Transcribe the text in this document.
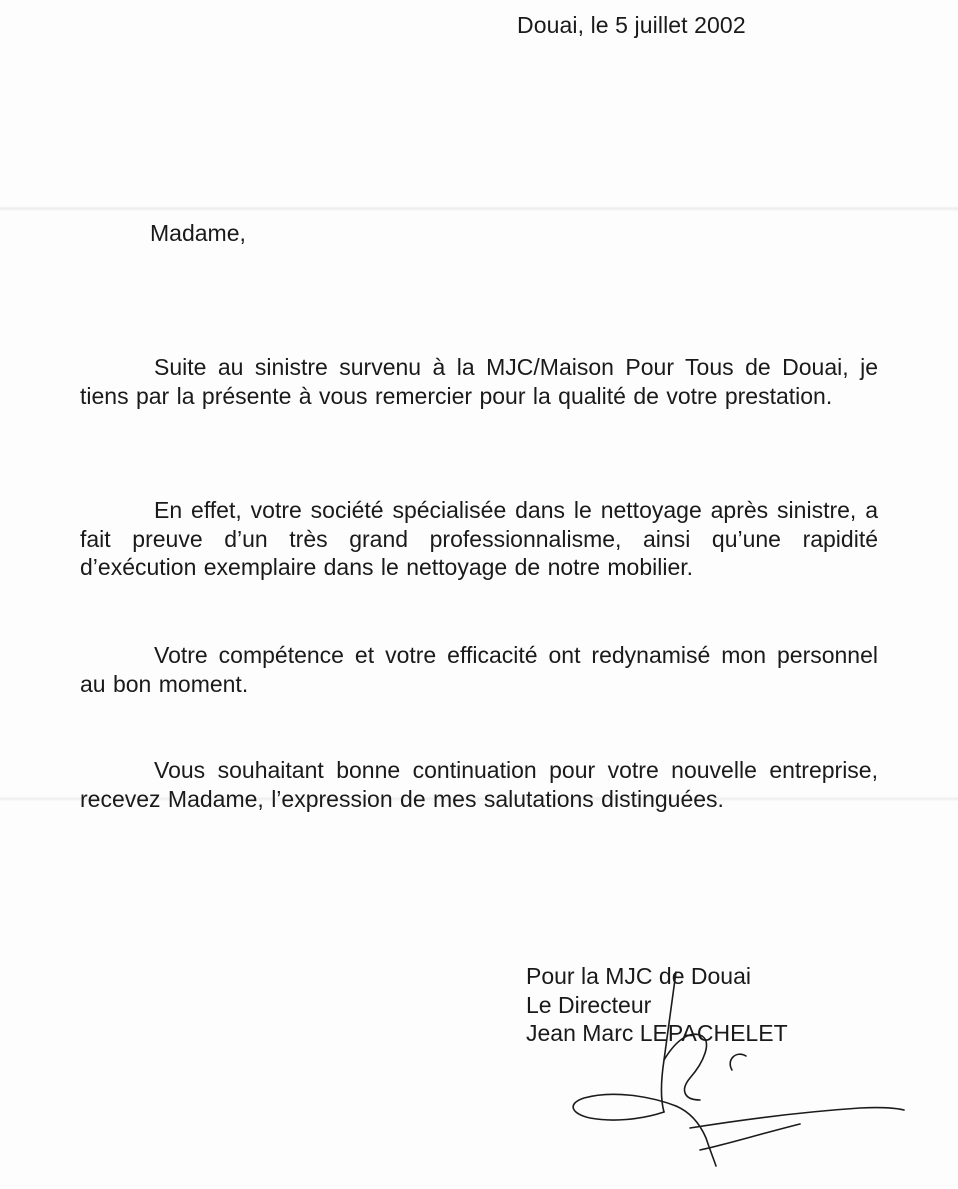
Douai, le 5 juillet 2002
Madame,

Suite au sinistre survenu à la MJC/Maison Pour Tous de Douai, je tiens par la présente à vous remercier pour la qualité de votre prestation.

En effet, votre société spécialisée dans le nettoyage après sinistre, a fait preuve d’un très grand professionnalisme, ainsi qu’une rapidité d’exécution exemplaire dans le nettoyage de notre mobilier.

Votre compétence et votre efficacité ont redynamisé mon personnel au bon moment.

Vous souhaitant bonne continuation pour votre nouvelle entreprise, recevez Madame, l’expression de mes salutations distinguées.

Pour la MJC de Douai
Le Directeur
Jean Marc LEPACHELET
